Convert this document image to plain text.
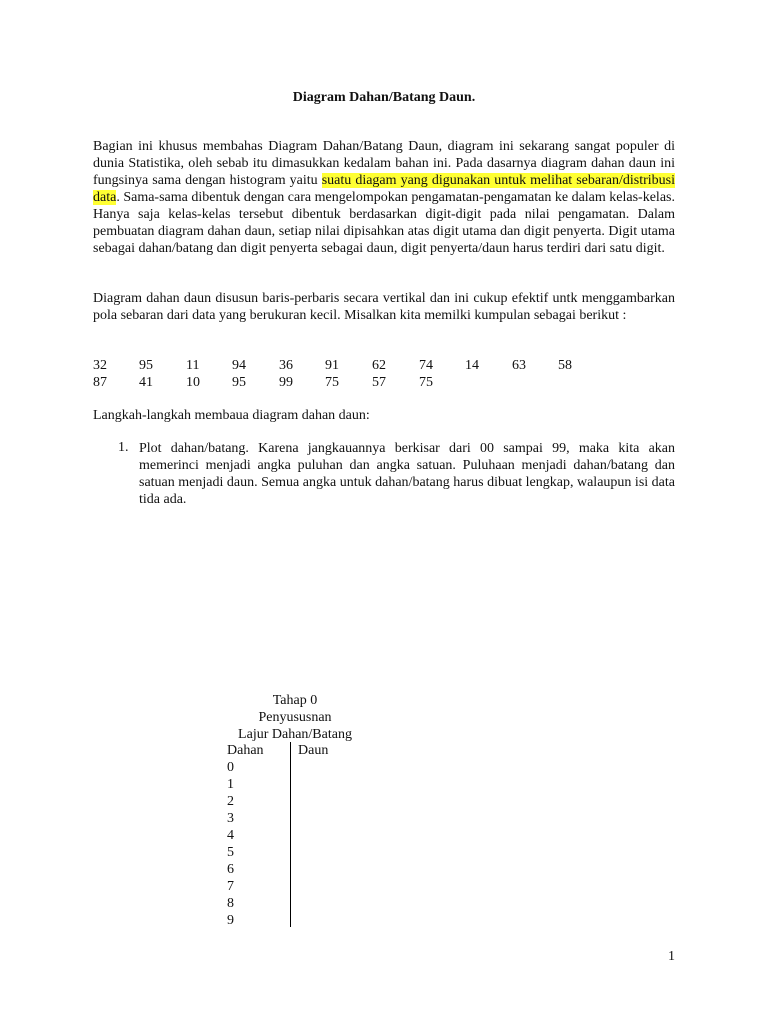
Diagram Dahan/Batang Daun.
Bagian ini khusus membahas Diagram Dahan/Batang Daun, diagram ini sekarang sangat populer di dunia Statistika, oleh sebab itu dimasukkan kedalam bahan ini. Pada dasarnya diagram dahan daun ini fungsinya sama dengan histogram yaitu suatu diagam yang digunakan untuk melihat sebaran/distribusi data. Sama-sama dibentuk dengan cara mengelompokan pengamatan-pengamatan ke dalam kelas-kelas. Hanya saja kelas-kelas tersebut dibentuk berdasarkan digit-digit pada nilai pengamatan. Dalam pembuatan diagram dahan daun, setiap nilai dipisahkan atas digit utama dan digit penyerta. Digit utama sebagai dahan/batang dan digit penyerta sebagai daun, digit penyerta/daun harus terdiri dari satu digit.
Diagram dahan daun disusun baris-perbaris secara vertikal dan ini cukup efektif untk menggambarkan pola sebaran dari data yang berukuran kecil. Misalkan kita memilki kumpulan sebagai berikut :
32 95 11 94 36 91 62 74 14 63 58
87 41 10 95 99 75 57 75
Langkah-langkah membaua diagram dahan daun:
1. Plot dahan/batang. Karena jangkauannya berkisar dari 00 sampai 99, maka kita akan memerinci menjadi angka puluhan dan angka satuan. Puluhaan menjadi dahan/batang dan satuan menjadi daun. Semua angka untuk dahan/batang harus dibuat lengkap, walaupun isi data tida ada.
Tahap 0
Penyususnan
Lajur Dahan/Batang
Dahan Daun
0
1
2
3
4
5
6
7
8
9
1
